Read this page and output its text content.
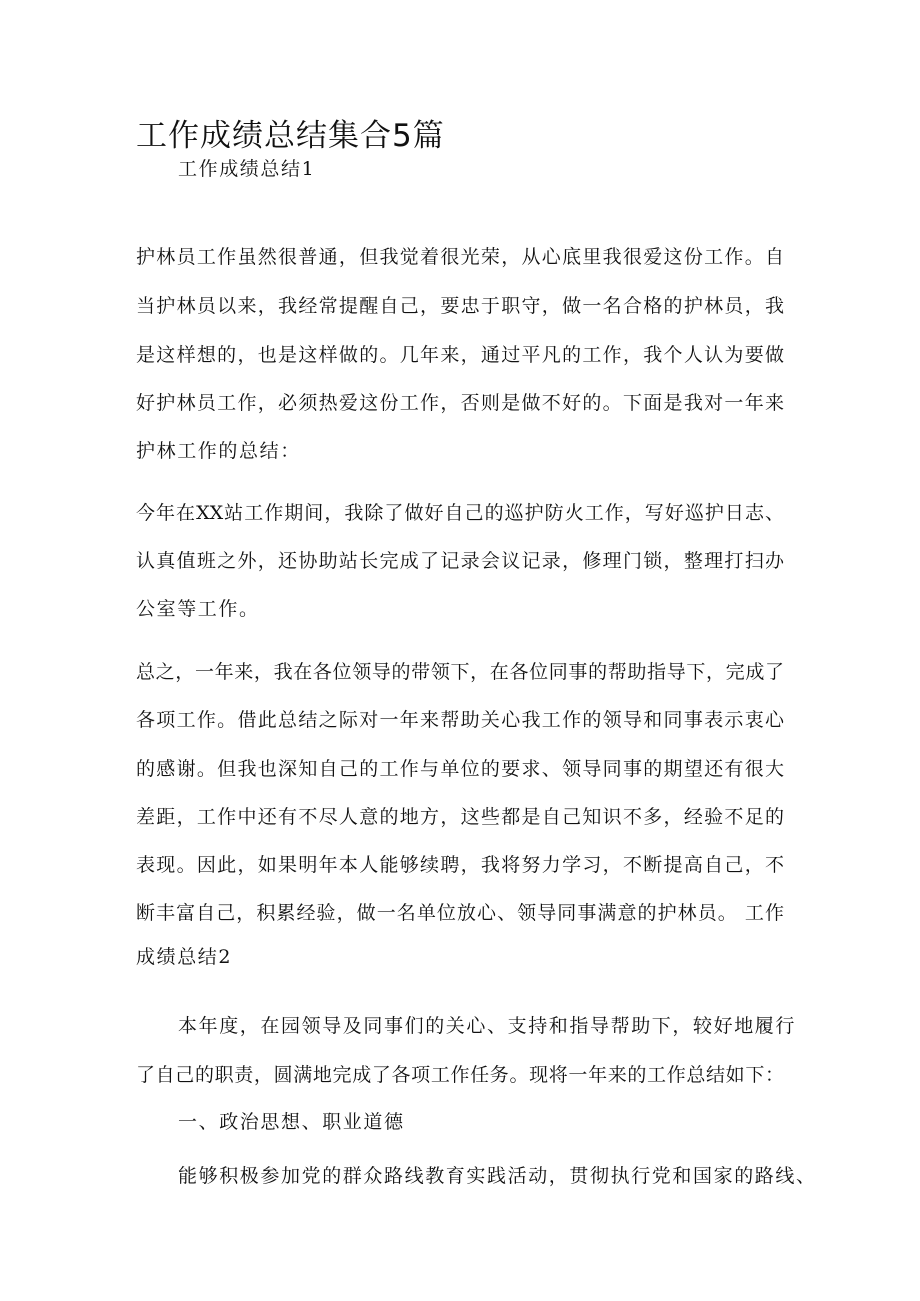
工作成绩总结集合5篇

工作成绩总结1

护林员工作虽然很普通，但我觉着很光荣，从心底里我很爱这份工作。自

当护林员以来，我经常提醒自己，要忠于职守，做一名合格的护林员，我

是这样想的，也是这样做的。几年来，通过平凡的工作，我个人认为要做

好护林员工作，必须热爱这份工作，否则是做不好的。下面是我对一年来

护林工作的总结：

今年在XX站工作期间，我除了做好自己的巡护防火工作，写好巡护日志、

认真值班之外，还协助站长完成了记录会议记录，修理门锁，整理打扫办

公室等工作。

总之，一年来，我在各位领导的带领下，在各位同事的帮助指导下，完成了

各项工作。借此总结之际对一年来帮助关心我工作的领导和同事表示衷心

的感谢。但我也深知自己的工作与单位的要求、领导同事的期望还有很大

差距，工作中还有不尽人意的地方，这些都是自己知识不多，经验不足的

表现。因此，如果明年本人能够续聘，我将努力学习，不断提高自己，不

断丰富自己，积累经验，做一名单位放心、领导同事满意的护林员。 工作

成绩总结2

本年度，在园领导及同事们的关心、支持和指导帮助下，较好地履行

了自己的职责，圆满地完成了各项工作任务。现将一年来的工作总结如下：

一、政治思想、职业道德

能够积极参加党的群众路线教育实践活动，贯彻执行党和国家的路线、
